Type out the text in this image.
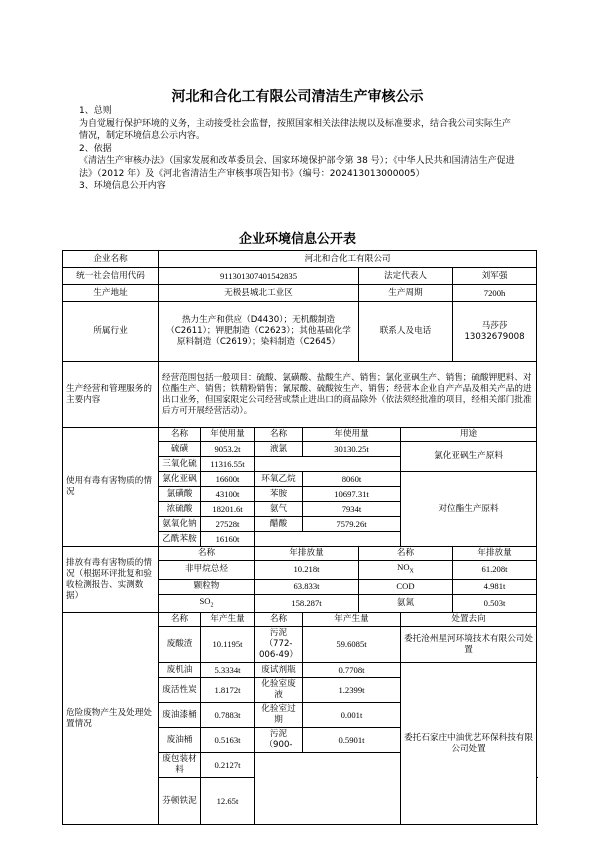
河北和合化工有限公司清洁生产审核公示

1、总则

为自觉履行保护环境的义务，主动接受社会监督，按照国家相关法律法规以及标准要求，结合我公司实际生产情况，制定环境信息公示内容。

2、依据

《清洁生产审核办法》（国家发展和改革委员会、国家环境保护部令第 38 号）；《中华人民共和国清洁生产促进法》（2012 年）及《河北省清洁生产审核事项告知书》（编号：202413013000005）

3、环境信息公开内容

企业环境信息公开表
企业名称	河北和合化工有限公司							
统一社会信用代码	911301307401542835				法定代表人		刘军强	
生产地址	无极县城北工业区				生产周期		7200h	
所属行业	热力生产和供应（D4430）；无机酸制造（C2611）；钾肥制造（C2623）；其他基础化学原料制造（C2619）；染料制造（C2645）				联系人及电话		马莎莎 13032679008	
生产经营和管理服务的主要内容	经营范围包括一般项目：硫酸、氯磺酸、盐酸生产、销售；氯化亚砜生产、销售；硫酸钾肥料、对位酯生产、销售；铁精粉销售；氰尿酸、硫酸铵生产、销售；经营本企业自产产品及相关产品的进出口业务，但国家限定公司经营或禁止进出口的商品除外（依法须经批准的项目，经相关部门批准后方可开展经营活动）。							
使用有毒有害物质的情况	名称	年使用量	名称	年使用量		用途		
	硫磺	9053.2t	液氯	30130.25t		氯化亚砜生产原料		
	三氧化硫	11316.55t						
	氯化亚砜	16600t	环氧乙烷	8060t		对位酯生产原料		
	氯磺酸	43100t	苯胺	10697.31t				
	浓硫酸	18201.6t	氨气	7934t				
	氨氧化钠	27528t	醋酸	7579.26t				
	乙酰苯胺	16160t						
排放有毒有害物质的情况（根据环评批复和验收检测报告、实测数据）	名称		年排放量		名称		年排放量	
	非甲烷总烃		10.218t		$NO_X$		61.208t	
	颗粒物		63.833t		COD		4.981t	
	$SO_2$		158.287t		氨氮		0.503t	
危险废物产生及处理处置情况	名称	年产生量	名称	年产生量		处置去向		
	废酸渣	10.1195t	污泥（772-006-49）	59.6085t		委托沧州星河环境技术有限公司处置		
	废机油	5.3334t	废试剂瓶	0.7708t		委托石家庄中油优艺环保科技有限公司处置		
	废活性炭	1.8172t	化验室废液	1.2399t				
	废油漆桶	0.7883t	化验室过期	0.001t				
	废油桶	0.5163t	污泥（900-	0.5901t				
	废包装材料	0.2127t						
	芬顿铁泥	12.65t		
